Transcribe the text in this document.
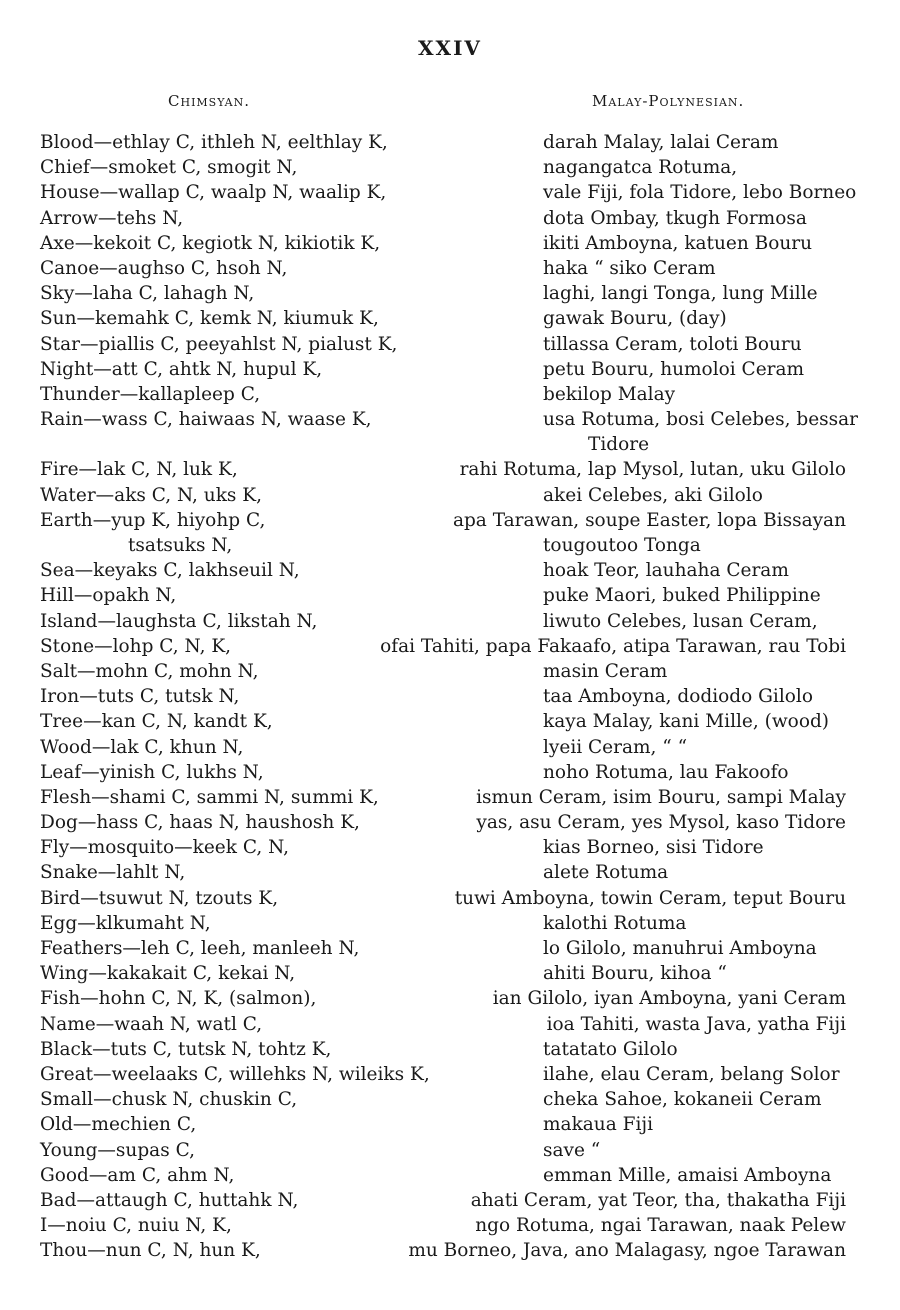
XXIV
Chimsyan.	Malay-Polynesian.
Blood—ethlay C, ithleh N, eelthlay K,	darah Malay, lalai Ceram
Chief—smoket C, smogit N,	nagangatca Rotuma,
House—wallap C, waalp N, waalip K,	vale Fiji, fola Tidore, lebo Borneo
Arrow—tehs N,	dota Ombay, tkugh Formosa
Axe—kekoit C, kegiotk N, kikiotik K,	ikiti Amboyna, katuen Bouru
Canoe—aughso C, hsoh N,	haka “ siko Ceram
Sky—laha C, lahagh N,	laghi, langi Tonga, lung Mille
Sun—kemahk C, kemk N, kiumuk K,	gawak Bouru, (day)
Star—piallis C, peeyahlst N, pialust K,	tillassa Ceram, toloti Bouru
Night—att C, ahtk N, hupul K,	petu Bouru, humoloi Ceram
Thunder—kallapleep C,	bekilop Malay
Rain—wass C, haiwaas N, waase K,	usa Rotuma, bosi Celebes, bessar
Tidore
Fire—lak C, N, luk K,	rahi Rotuma, lap Mysol, lutan, uku Gilolo
Water—aks C, N, uks K,	akei Celebes, aki Gilolo
Earth—yup K, hiyohp C,	apa Tarawan, soupe Easter, lopa Bissayan
tsatsuks N,	tougoutoo Tonga
Sea—keyaks C, lakhseuil N,	hoak Teor, lauhaha Ceram
Hill—opakh N,	puke Maori, buked Philippine
Island—laughsta C, likstah N,	liwuto Celebes, lusan Ceram,
Stone—lohp C, N, K,	ofai Tahiti, papa Fakaafo, atipa Tarawan, rau Tobi
Salt—mohn C, mohn N,	masin Ceram
Iron—tuts C, tutsk N,	taa Amboyna, dodiodo Gilolo
Tree—kan C, N, kandt K,	kaya Malay, kani Mille, (wood)
Wood—lak C, khun N,	lyeii Ceram, “ “
Leaf—yinish C, lukhs N,	noho Rotuma, lau Fakoofo
Flesh—shami C, sammi N, summi K,	ismun Ceram, isim Bouru, sampi Malay
Dog—hass C, haas N, haushosh K,	yas, asu Ceram, yes Mysol, kaso Tidore
Fly—mosquito—keek C, N,	kias Borneo, sisi Tidore
Snake—lahlt N,	alete Rotuma
Bird—tsuwut N, tzouts K,	tuwi Amboyna, towin Ceram, teput Bouru
Egg—klkumaht N,	kalothi Rotuma
Feathers—leh C, leeh, manleeh N,	lo Gilolo, manuhrui Amboyna
Wing—kakakait C, kekai N,	ahiti Bouru, kihoa “
Fish—hohn C, N, K, (salmon),	ian Gilolo, iyan Amboyna, yani Ceram
Name—waah N, watl C,	ioa Tahiti, wasta Java, yatha Fiji
Black—tuts C, tutsk N, tohtz K,	tatatato Gilolo
Great—weelaaks C, willehks N, wileiks K,	ilahe, elau Ceram, belang Solor
Small—chusk N, chuskin C,	cheka Sahoe, kokaneii Ceram
Old—mechien C,	makaua Fiji
Young—supas C,	save “
Good—am C, ahm N,	emman Mille, amaisi Amboyna
Bad—attaugh C, huttahk N,	ahati Ceram, yat Teor, tha, thakatha Fiji
I—noiu C, nuiu N, K,	ngo Rotuma, ngai Tarawan, naak Pelew
Thou—nun C, N, hun K,	mu Borneo, Java, ano Malagasy, ngoe Tarawan
